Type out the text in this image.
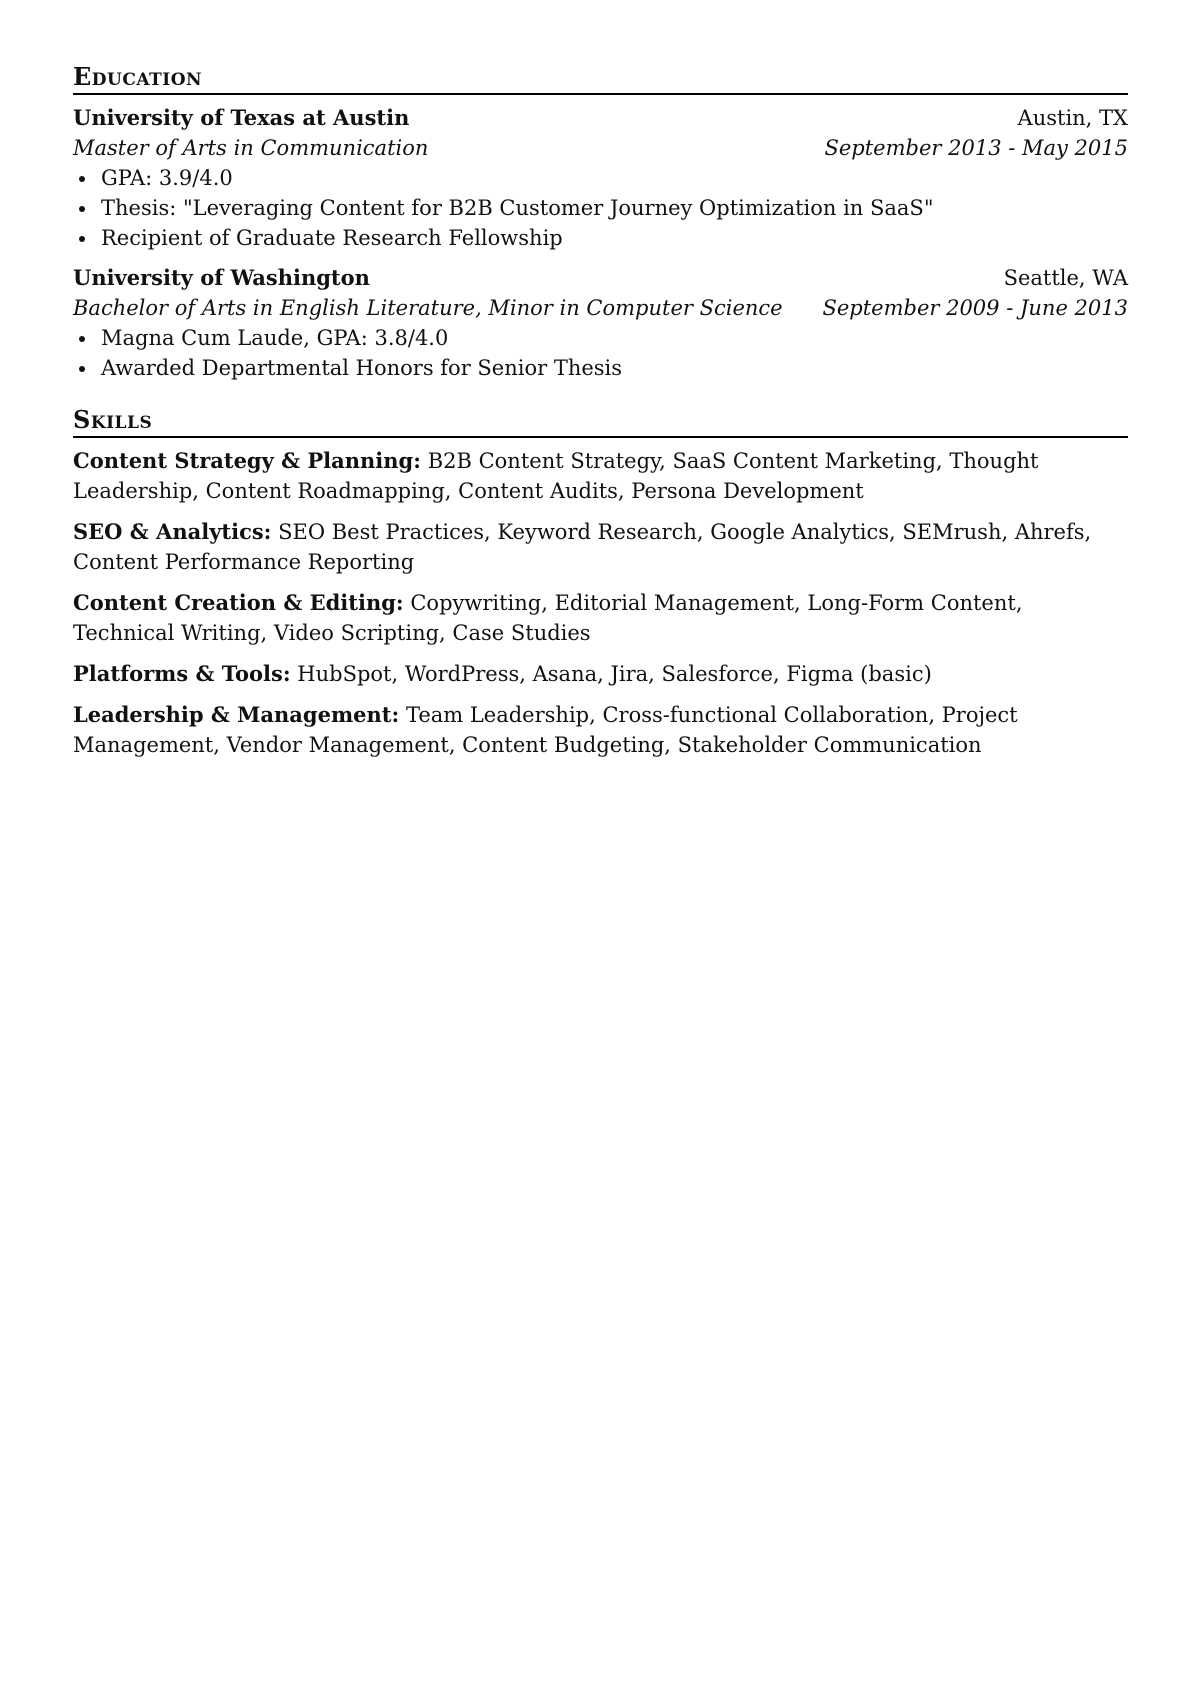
Education
University of Texas at Austin	Austin, TX
Master of Arts in Communication	September 2013 - May 2015
GPA: 3.9/4.0
Thesis: "Leveraging Content for B2B Customer Journey Optimization in SaaS"
Recipient of Graduate Research Fellowship
University of Washington	Seattle, WA
Bachelor of Arts in English Literature, Minor in Computer Science September 2009 - June 2013
Magna Cum Laude, GPA: 3.8/4.0
Awarded Departmental Honors for Senior Thesis
Skills
Content Strategy & Planning: B2B Content Strategy, SaaS Content Marketing, Thought Leadership, Content Roadmapping, Content Audits, Persona Development
SEO & Analytics: SEO Best Practices, Keyword Research, Google Analytics, SEMrush, Ahrefs, Content Performance Reporting
Content Creation & Editing: Copywriting, Editorial Management, Long-Form Content, Technical Writing, Video Scripting, Case Studies
Platforms & Tools: HubSpot, WordPress, Asana, Jira, Salesforce, Figma (basic)
Leadership & Management: Team Leadership, Cross-functional Collaboration, Project Management, Vendor Management, Content Budgeting, Stakeholder Communication
